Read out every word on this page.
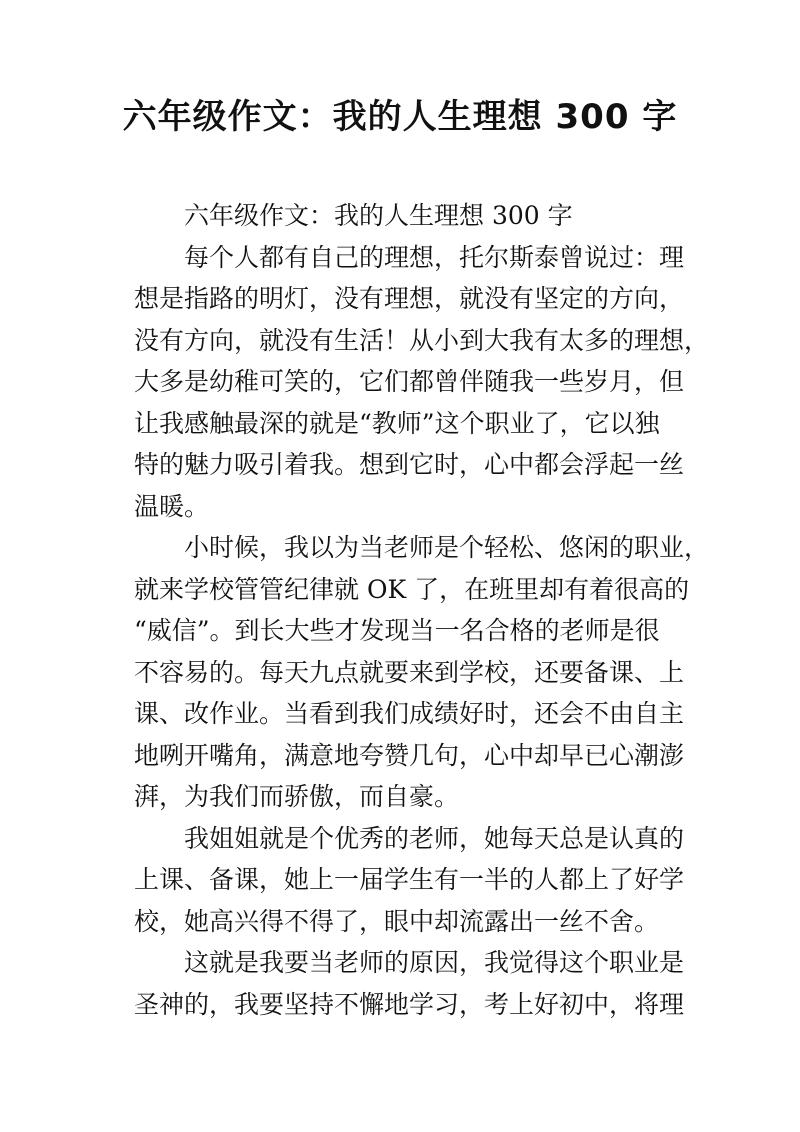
六年级作文：我的人生理想 300 字
六年级作文：我的人生理想 300 字
每个人都有自己的理想，托尔斯泰曾说过：理
想是指路的明灯，没有理想，就没有坚定的方向，
没有方向，就没有生活！从小到大我有太多的理想，
大多是幼稚可笑的，它们都曾伴随我一些岁月，但
让我感触最深的就是“教师”这个职业了，它以独
特的魅力吸引着我。想到它时，心中都会浮起一丝
温暖。
小时候，我以为当老师是个轻松、悠闲的职业，
就来学校管管纪律就 OK 了，在班里却有着很高的
“威信”。到长大些才发现当一名合格的老师是很
不容易的。每天九点就要来到学校，还要备课、上
课、改作业。当看到我们成绩好时，还会不由自主
地咧开嘴角，满意地夸赞几句，心中却早已心潮澎
湃，为我们而骄傲，而自豪。
我姐姐就是个优秀的老师，她每天总是认真的
上课、备课，她上一届学生有一半的人都上了好学
校，她高兴得不得了，眼中却流露出一丝不舍。
这就是我要当老师的原因，我觉得这个职业是
圣神的，我要坚持不懈地学习，考上好初中，将理
